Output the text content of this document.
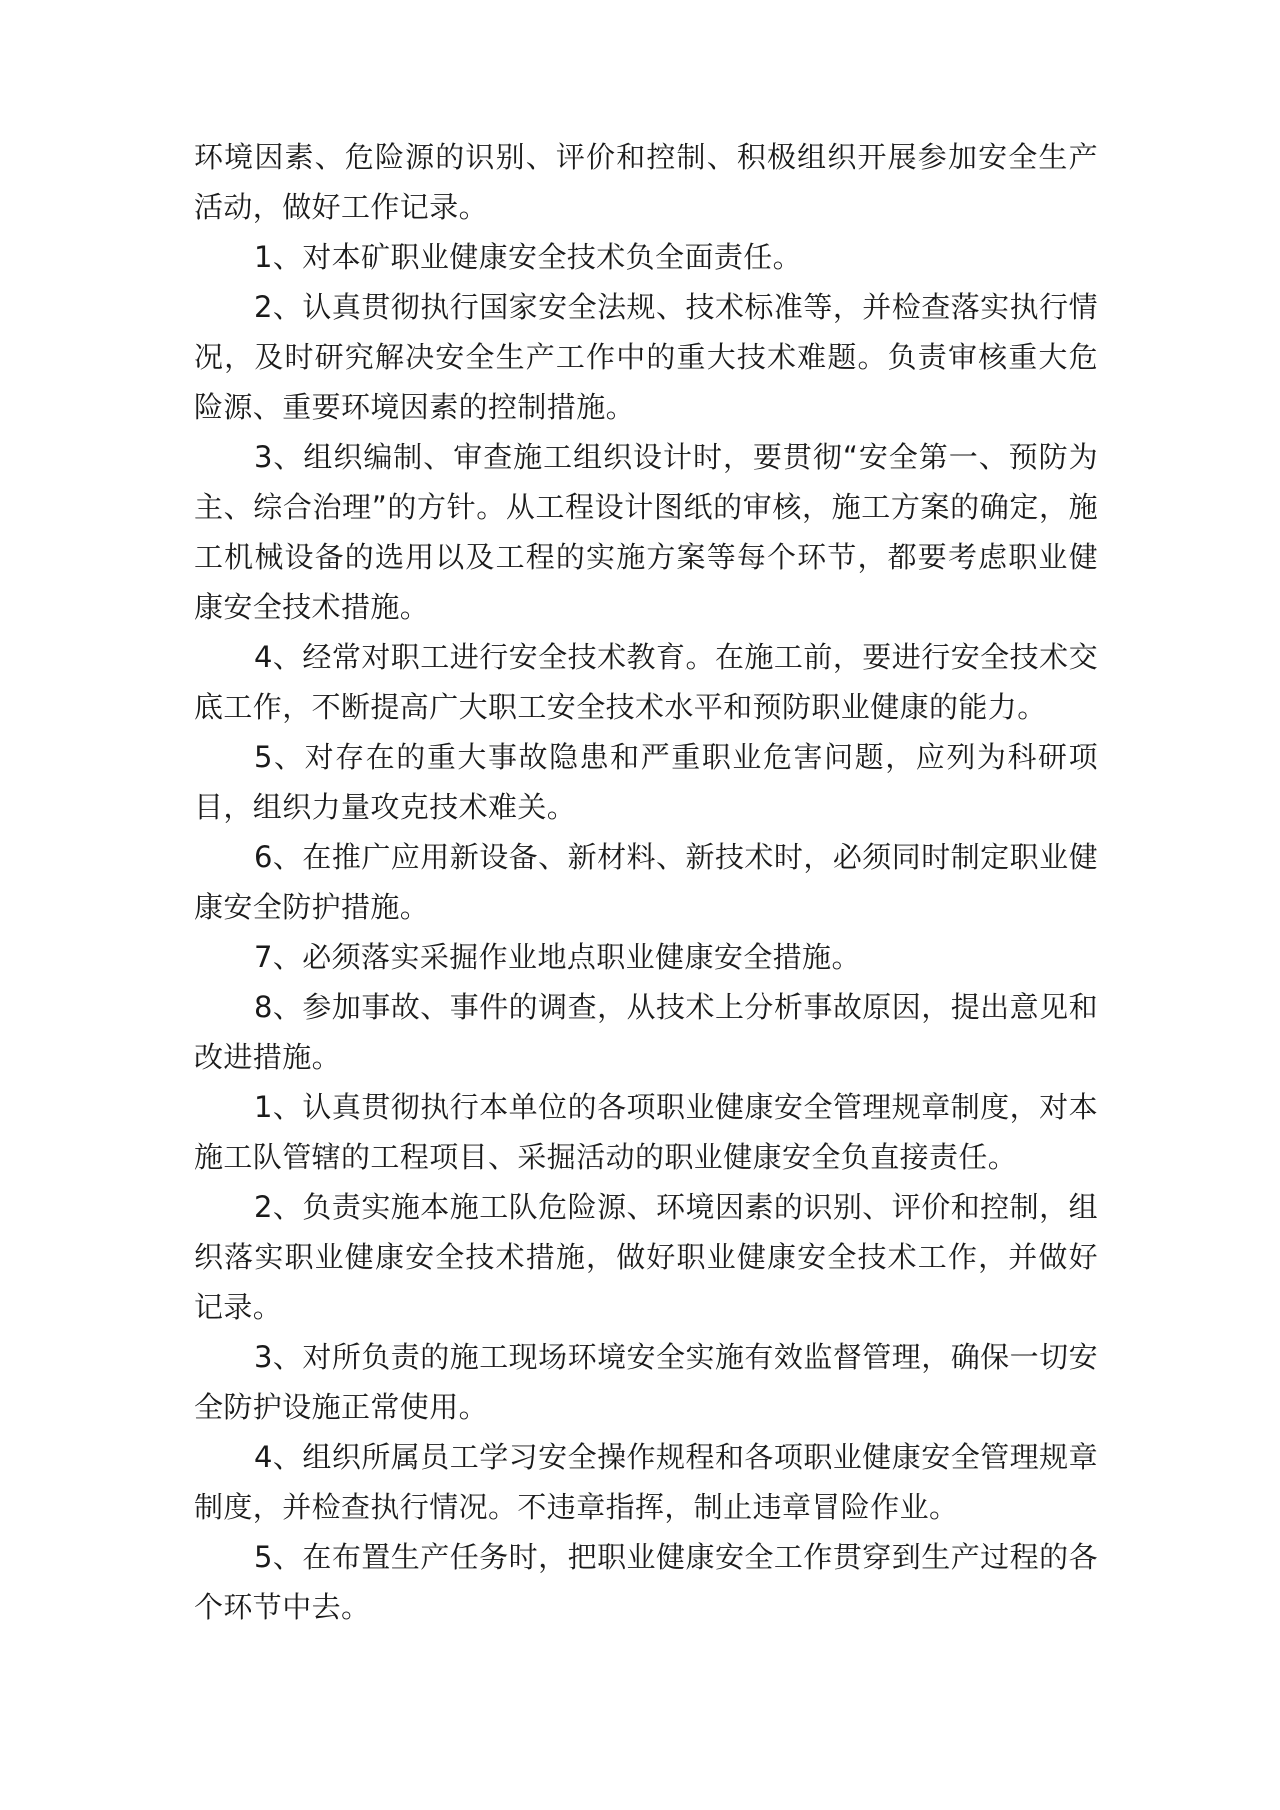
环境因素、危险源的识别、评价和控制、积极组织开展参加安全生产活动，做好工作记录。

1、对本矿职业健康安全技术负全面责任。

2、认真贯彻执行国家安全法规、技术标准等，并检查落实执行情况，及时研究解决安全生产工作中的重大技术难题。负责审核重大危险源、重要环境因素的控制措施。

3、组织编制、审查施工组织设计时，要贯彻“安全第一、预防为主、综合治理”的方针。从工程设计图纸的审核，施工方案的确定，施工机械设备的选用以及工程的实施方案等每个环节，都要考虑职业健康安全技术措施。

4、经常对职工进行安全技术教育。在施工前，要进行安全技术交底工作，不断提高广大职工安全技术水平和预防职业健康的能力。

5、对存在的重大事故隐患和严重职业危害问题，应列为科研项目，组织力量攻克技术难关。

6、在推广应用新设备、新材料、新技术时，必须同时制定职业健康安全防护措施。

7、必须落实采掘作业地点职业健康安全措施。

8、参加事故、事件的调查，从技术上分析事故原因，提出意见和改进措施。

1、认真贯彻执行本单位的各项职业健康安全管理规章制度，对本施工队管辖的工程项目、采掘活动的职业健康安全负直接责任。

2、负责实施本施工队危险源、环境因素的识别、评价和控制，组织落实职业健康安全技术措施，做好职业健康安全技术工作，并做好记录。

3、对所负责的施工现场环境安全实施有效监督管理，确保一切安全防护设施正常使用。

4、组织所属员工学习安全操作规程和各项职业健康安全管理规章制度，并检查执行情况。不违章指挥，制止违章冒险作业。

5、在布置生产任务时，把职业健康安全工作贯穿到生产过程的各个环节中去。
